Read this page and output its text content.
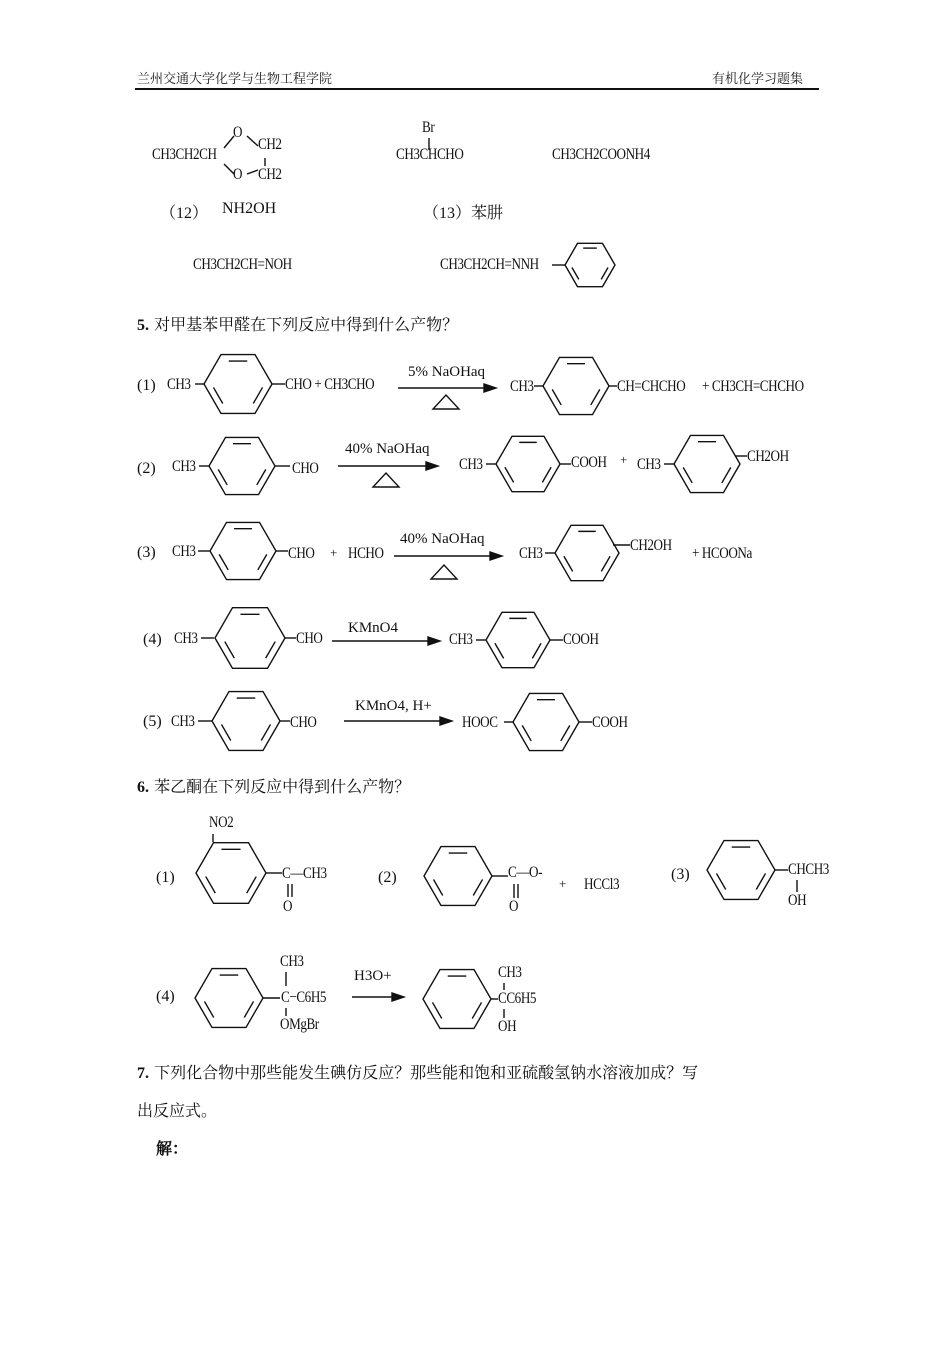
兰州交通大学化学与生物工程学院	有机化学习题集
CH3CH2CH
O
CH2
O CH2
Br
CH3CHCHO	CH3CH2COONH4
（12） NH2OH	（13）苯肼
CH3CH2CH=NOH	CH3CH2CH=NNH
5. 对甲基苯甲醛在下列反应中得到什么产物？
(1) CH3	CHO + CH3CHO
5% NaOHaq
CH3	CH=CHCHO + CH3CH=CHCHO
(2) CH3	CHO
40% NaOHaq
CH3	COOH + CH3	CH2OH
(3) CH3	CHO + HCHO
40% NaOHaq
CH3	CH2OH + HCOONa
(4) CH3	CHO
KMnO4
CH3	COOH
(5) CH3	CHO
KMnO4, H+
HOOC	COOH
6. 苯乙酮在下列反应中得到什么产物？
(1)
NO2
C—CH3
O
(2)	C—O-
O
+ HCCl3
(3)	CHCH3
OH
(4)
CH3
C−C6H5
OMgBr
H3O+	CH3
CC6H5
OH
7. 下列化合物中那些能发生碘仿反应？那些能和饱和亚硫酸氢钠水溶液加成？写
出反应式。
解：
